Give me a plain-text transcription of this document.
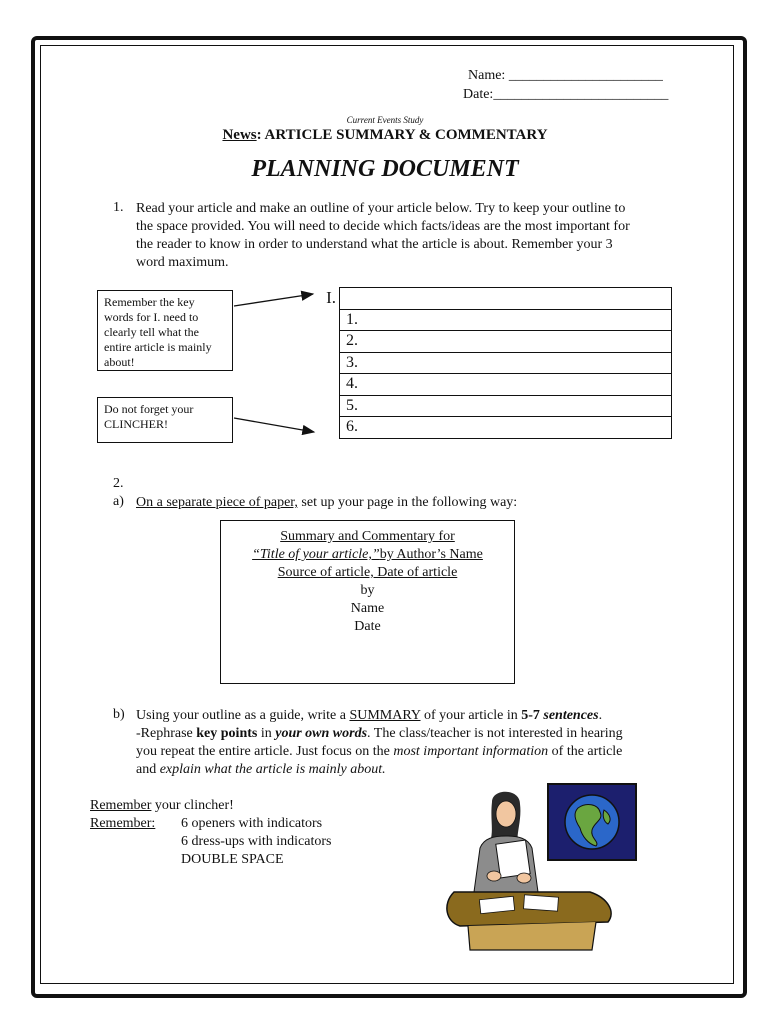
Name: ______________________
Date:_________________________
Current Events Study
News: ARTICLE SUMMARY & COMMENTARY
PLANNING DOCUMENT
1. Read your article and make an outline of your article below. Try to keep your outline to
the space provided. You will need to decide which facts/ideas are the most important for
the reader to know in order to understand what the article is about. Remember your 3
word maximum.
Remember the key words for I. need to clearly tell what the entire article is mainly about!
Do not forget your CLINCHER!
I.	
	1.
	2.
	3.
	4.
	5.
	6.
2.
a) On a separate piece of paper, set up your page in the following way:
Summary and Commentary for
“Title of your article,”by Author’s Name
Source of article, Date of article
by
Name
Date
b) Using your outline as a guide, write a SUMMARY of your article in 5-7 sentences.
-Rephrase key points in your own words. The class/teacher is not interested in hearing
you repeat the entire article. Just focus on the most important information of the article
and explain what the article is mainly about.
Remember your clincher!
Remember: 6 openers with indicators
6 dress-ups with indicators
DOUBLE SPACE
